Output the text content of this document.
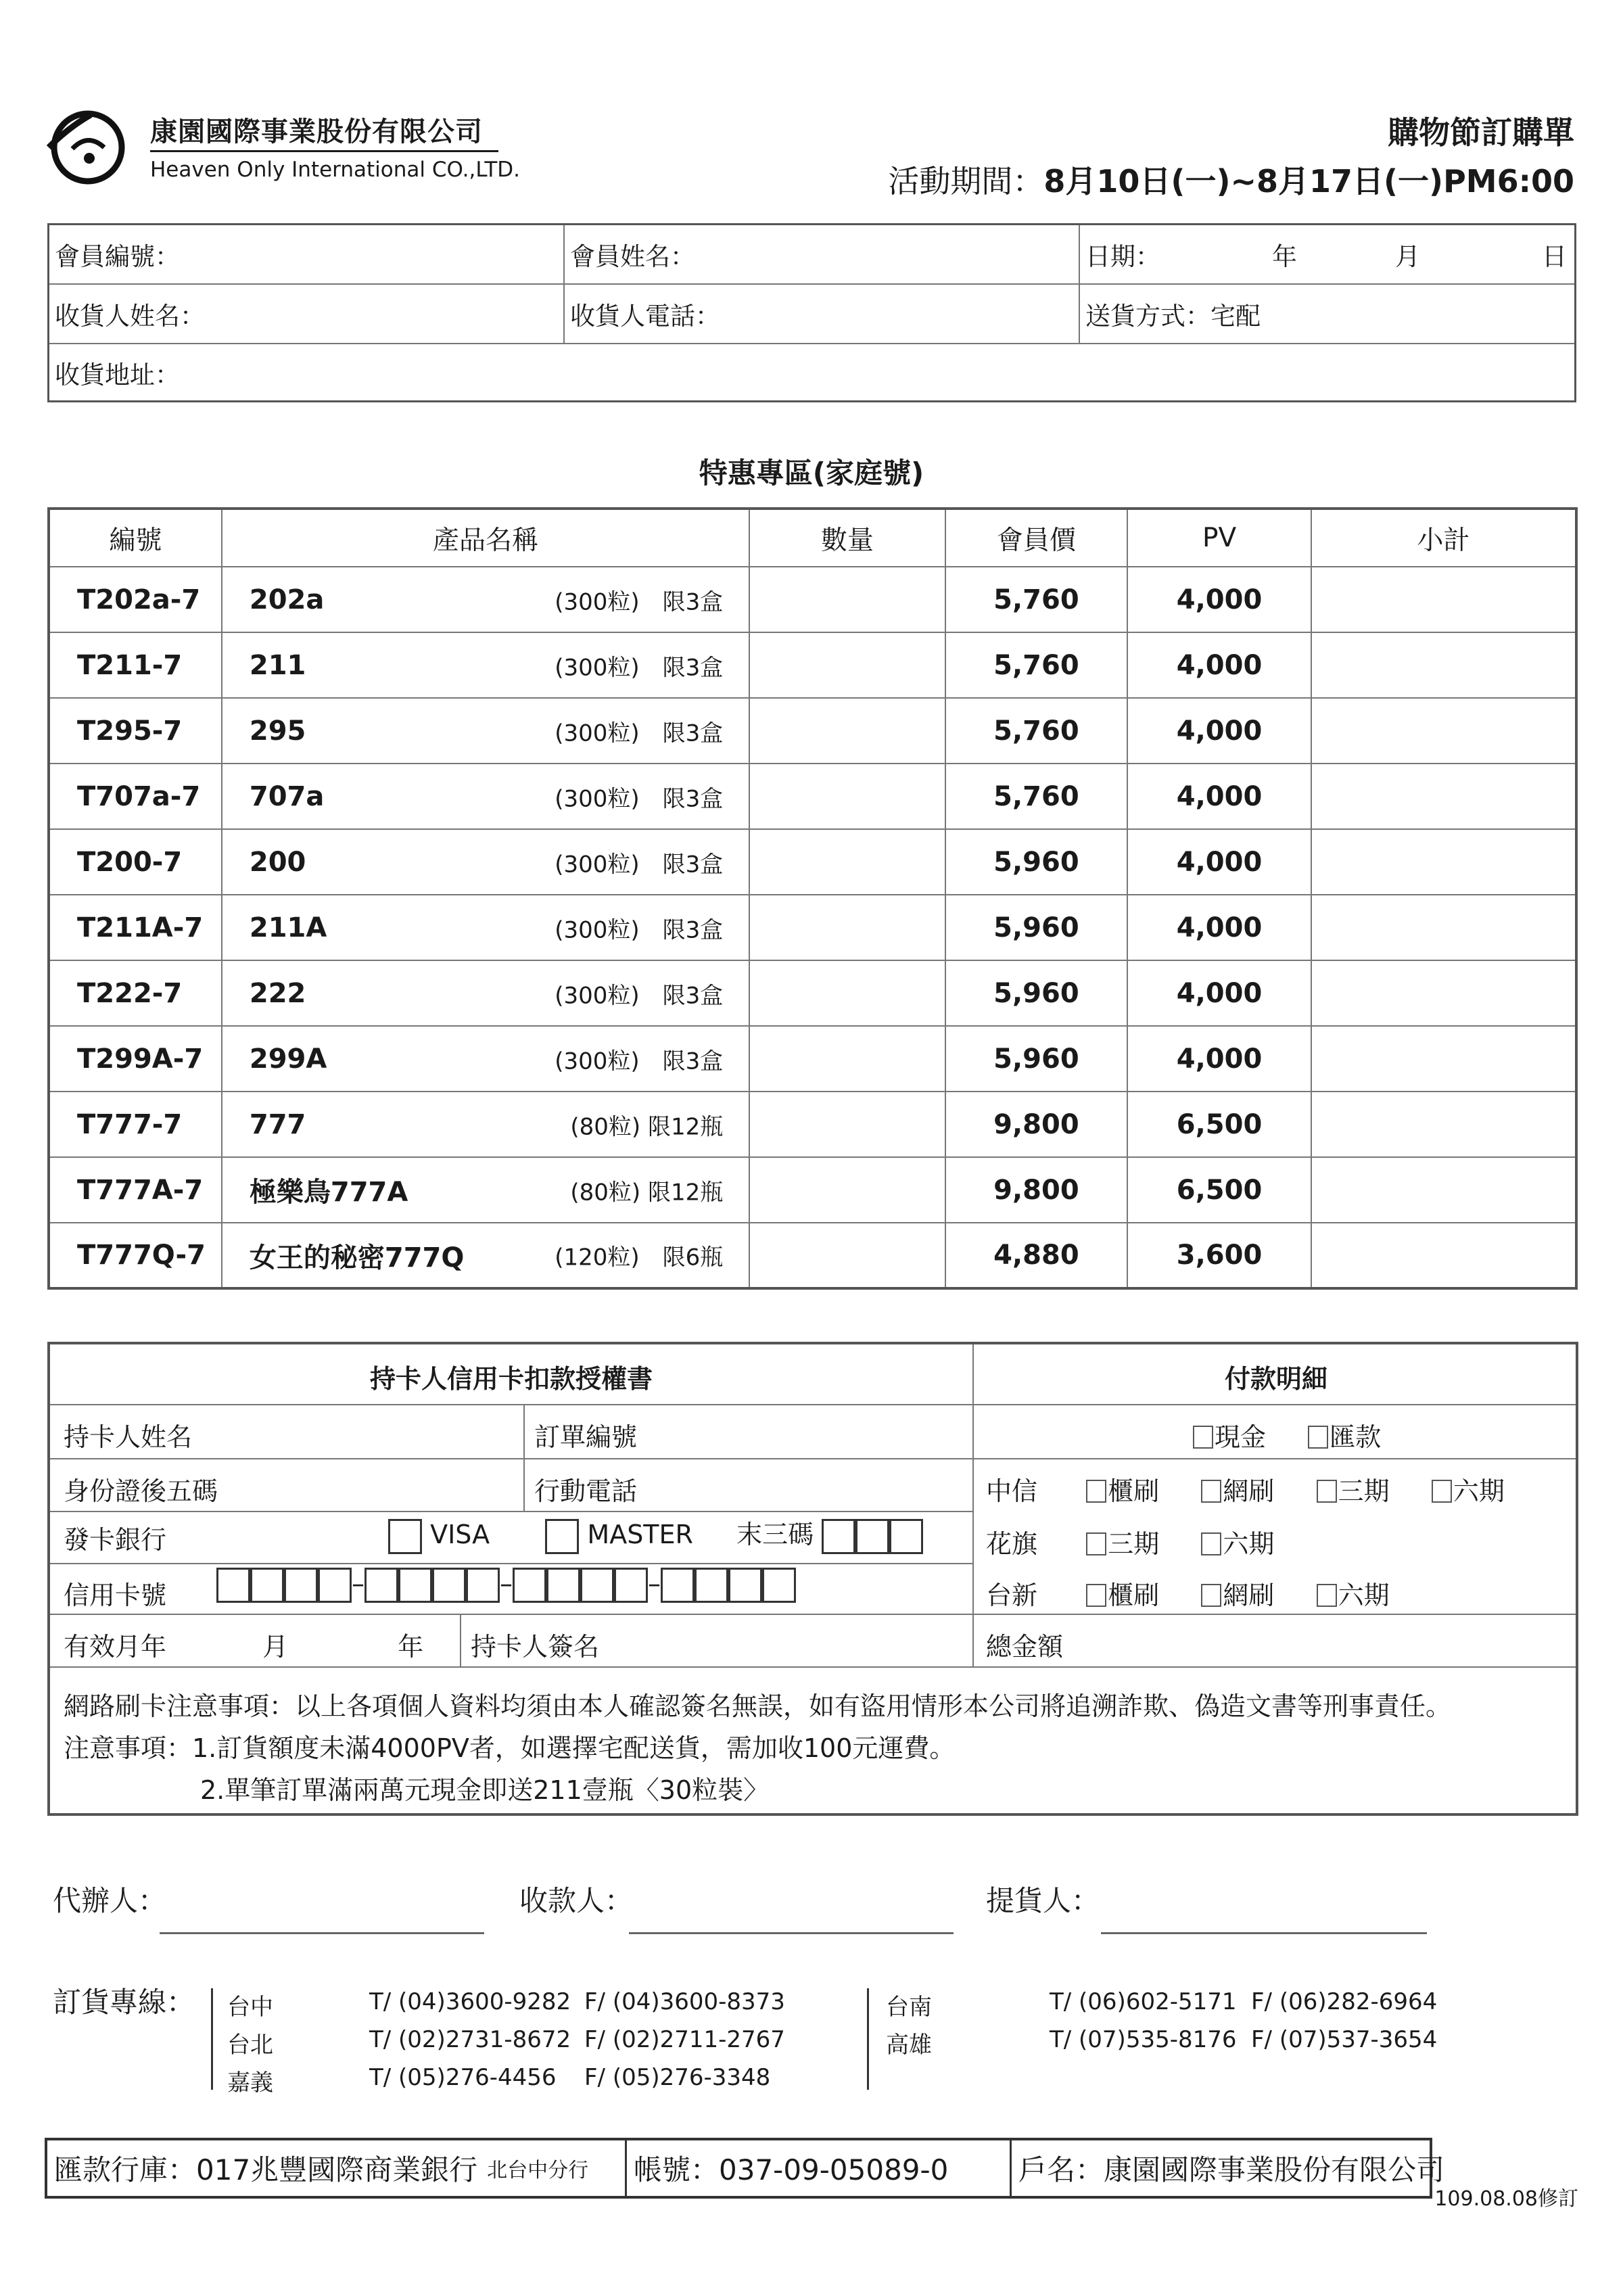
康園國際事業股份有限公司
Heaven Only International CO.,LTD.
購物節訂購單
活動期間：8月10日(一)~8月17日(一)PM6:00
會員編號：	會員姓名：	日期：	年	月	日
收貨人姓名：	收貨人電話：	送貨方式：宅配
收貨地址：
特惠專區(家庭號)
編號	產品名稱	數量	會員價	PV	小計
T202a-7	202a (300粒)　限3盒		5,760	4,000	
T211-7	211 (300粒)　限3盒		5,760	4,000	
T295-7	295 (300粒)　限3盒		5,760	4,000	
T707a-7	707a (300粒)　限3盒		5,760	4,000	
T200-7	200 (300粒)　限3盒		5,960	4,000	
T211A-7	211A (300粒)　限3盒		5,960	4,000	
T222-7	222 (300粒)　限3盒		5,960	4,000	
T299A-7	299A (300粒)　限3盒		5,960	4,000	
T777-7	777 (80粒) 限12瓶		9,800	6,500	
T777A-7	極樂鳥777A (80粒) 限12瓶		9,800	6,500	
T777Q-7	女王的秘密777Q (120粒)　限6瓶		4,880	3,600	
持卡人信用卡扣款授權書	付款明細
持卡人姓名	訂單編號	現金 匯款
身份證後五碼	行動電話	中信	櫃刷 網刷 三期 六期
發卡銀行	VISA	MASTER 末三碼	花旗	三期 六期
信用卡號	–	–	–	台新	櫃刷 網刷 六期
有效月年	月	年 持卡人簽名	總金額
網路刷卡注意事項：以上各項個人資料均須由本人確認簽名無誤，如有盜用情形本公司將追溯詐欺、偽造文書等刑事責任。
注意事項：1.訂貨額度未滿4000PV者，如選擇宅配送貨，需加收100元運費。
2.單筆訂單滿兩萬元現金即送211壹瓶〈30粒裝〉
代辦人：	收款人：	提貨人：
訂貨專線： 台中	T/ (04)3600-9282 F/ (04)3600-8373
台北	T/ (02)2731-8672 F/ (02)2711-2767
嘉義	T/ (05)276-4456 F/ (05)276-3348
台南	T/ (06)602-5171 F/ (06)282-6964
高雄	T/ (07)535-8176 F/ (07)537-3654
匯款行庫：017兆豐國際商業銀行 北台中分行 帳號：037-09-05089-0	戶名：康園國際事業股份有限公司
109.08.08修訂
